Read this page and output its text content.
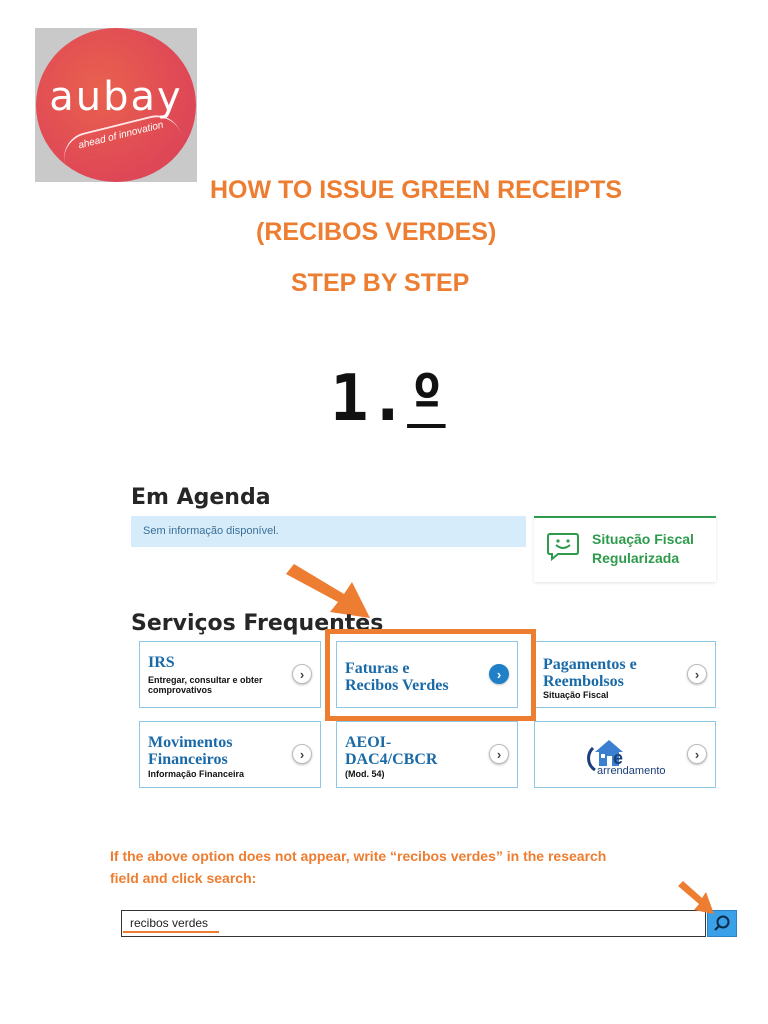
aubay
ahead of innovation
HOW TO ISSUE GREEN RECEIPTS
(RECIBOS VERDES)
STEP BY STEP
1.º
Em Agenda
Sem informação disponível.	Situação Fiscal
Regularizada
Serviços Frequentes
IRS
Entregar, consultar e obter
comprovativos
›	Faturas e
Recibos Verdes
›
Pagamentos e
Reembolsos
Situação Fiscal
›
Movimentos
Financeiros
Informação Financeira
›
AEOI-
DAC4/CBCR
(Mod. 54)
›	e
arrendamento
›
If the above option does not appear, write “recibos verdes” in the research
field and click search:
recibos verdes
